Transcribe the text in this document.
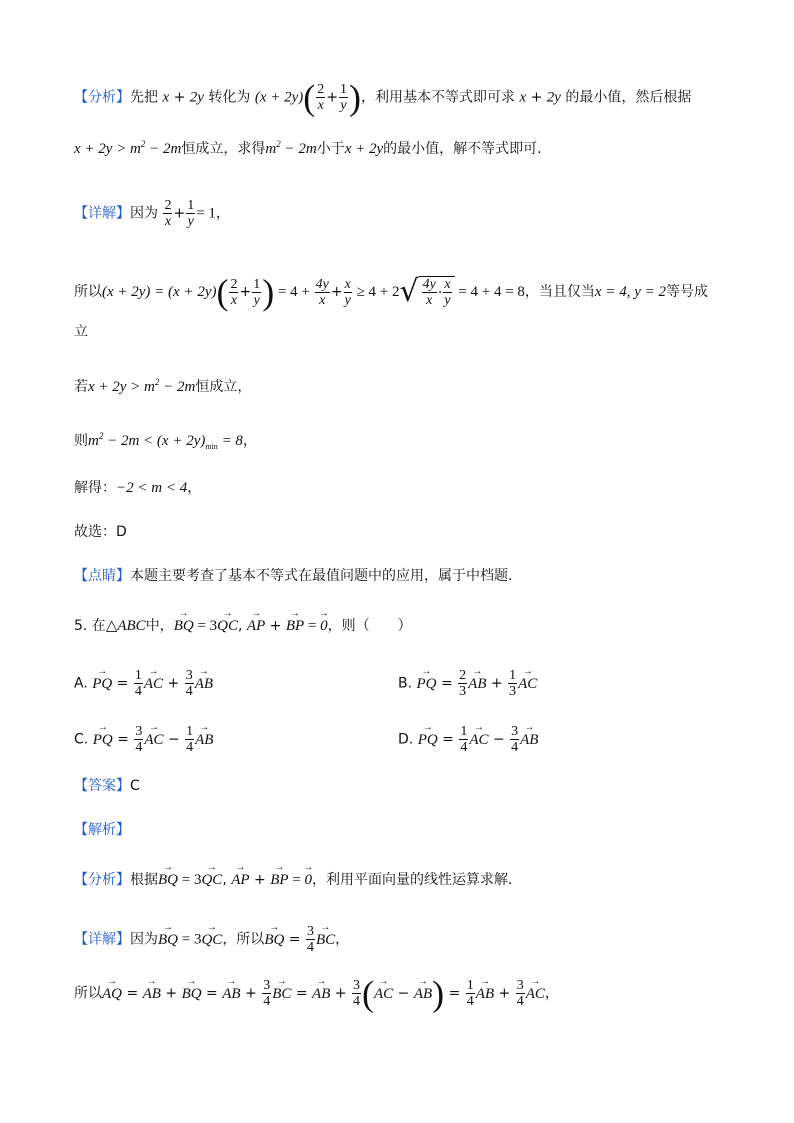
【分析】先把 x + 2y 转化为 $(x + 2y)( \frac{2}{x} + \frac{1}{y}$ )，利用基本不等式即可求 x + 2y 的最小值，然后根据
$x + 2y > m^2 - 2m$恒成立，求得$m^2 - 2m$小于x + 2y的最小值，解不等式即可.
【详解】因为 $\frac{2}{x} + \frac{1}{y} = 1$，
所以$(x + 2y) = (x + 2y)( \frac{2}{x} + \frac{1}{y}$ ) = $4 + \frac{4y}{x} + \frac{x}{y} \ge 4 + 2$ √ $\frac{4y}{x} \cdot \frac{x}{y} = 4 + 4 = 8$，当且仅当x = 4, y = 2等号成
立
若$x + 2y > m^2 - 2m$恒成立，
则$m^2 - 2m < (x + 2y)_{min} = 8$，
解得：−2 < m < 4，
故选：D
【点睛】本题主要考查了基本不等式在最值问题中的应用，属于中档题.
5. 在△ABC中，→ BQ = 3→ QC, → AP + → BP = → 0，则（　　）
A. → PQ = $\frac{1}{4}$ → AC + $\frac{3}{4}$ → AB	B. → PQ = $\frac{2}{3}$ → AB + $\frac{1}{3}$ → AC
C. → PQ = $\frac{3}{4}$ → AC − $\frac{1}{4}$ → AB	D. → PQ = $\frac{1}{4}$ → AC − $\frac{3}{4}$ → AB
【答案】C
【解析】
【分析】根据→ BQ = 3→ QC, → AP + → BP = → 0，利用平面向量的线性运算求解.
【详解】因为→ BQ = 3→ QC，所以→ BQ = $\frac{3}{4}$ → BC，
所以→ AQ = → AB + → BQ = → AB + $\frac{3}{4}$ → BC = → AB + $\frac{3}{4}$ (→ AC − → $AB) = \frac{1}{4}$ → AB + $\frac{3}{4}$ → AC，
